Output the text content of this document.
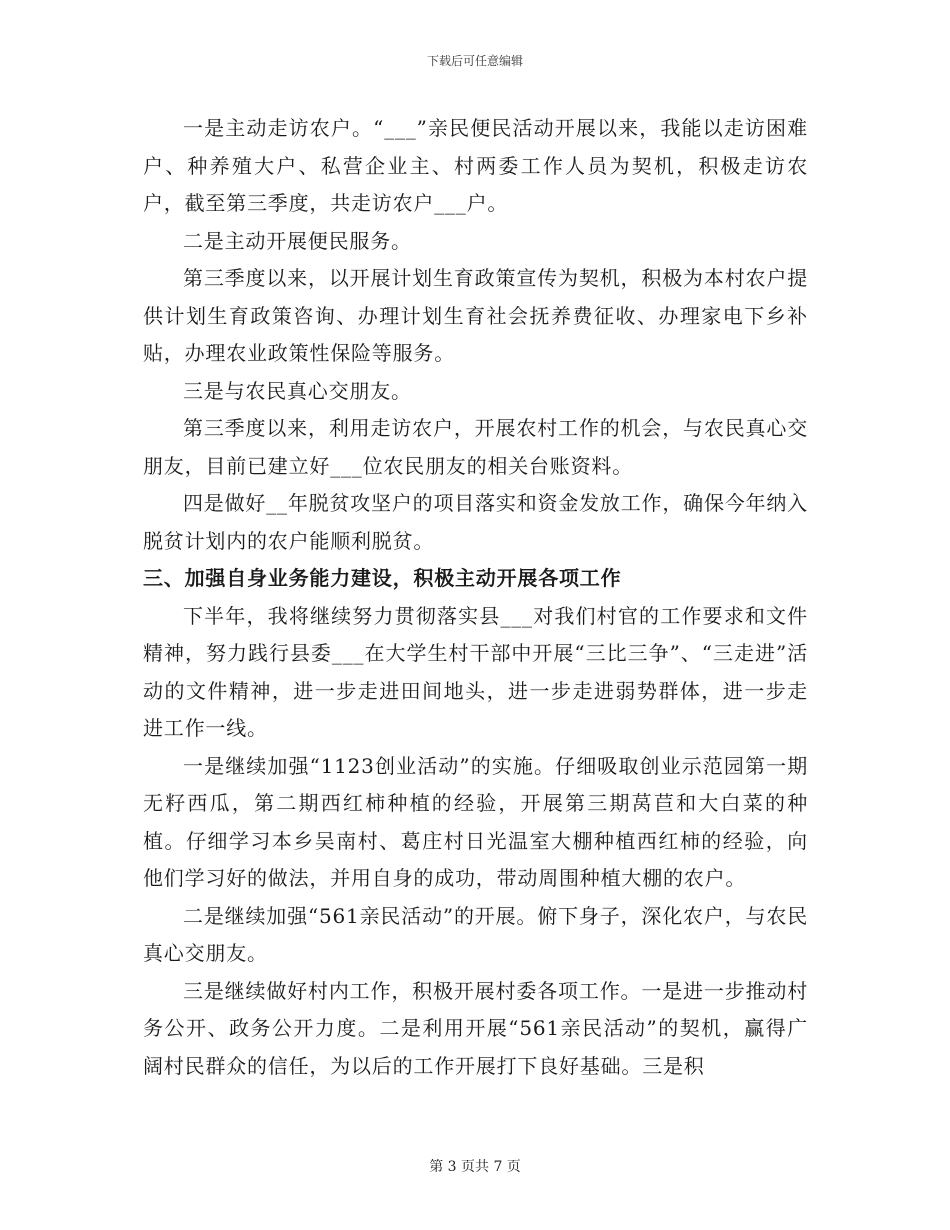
下载后可任意编辑

一是主动走访农户。“___”亲民便民活动开展以来，我能以走访困难户、种养殖大户、私营企业主、村两委工作人员为契机，积极走访农户，截至第三季度，共走访农户___户。

二是主动开展便民服务。

第三季度以来，以开展计划生育政策宣传为契机，积极为本村农户提供计划生育政策咨询、办理计划生育社会抚养费征收、办理家电下乡补贴，办理农业政策性保险等服务。

三是与农民真心交朋友。

第三季度以来，利用走访农户，开展农村工作的机会，与农民真心交朋友，目前已建立好___位农民朋友的相关台账资料。

四是做好__年脱贫攻坚户的项目落实和资金发放工作，确保今年纳入脱贫计划内的农户能顺利脱贫。

三、加强自身业务能力建设，积极主动开展各项工作

下半年，我将继续努力贯彻落实县___对我们村官的工作要求和文件精神，努力践行县委___在大学生村干部中开展“三比三争”、“三走进”活动的文件精神，进一步走进田间地头，进一步走进弱势群体，进一步走进工作一线。

一是继续加强“1123创业活动”的实施。仔细吸取创业示范园第一期无籽西瓜，第二期西红柿种植的经验，开展第三期莴苣和大白菜的种植。仔细学习本乡吴南村、葛庄村日光温室大棚种植西红柿的经验，向他们学习好的做法，并用自身的成功，带动周围种植大棚的农户。

二是继续加强“561亲民活动”的开展。俯下身子，深化农户，与农民真心交朋友。

三是继续做好村内工作，积极开展村委各项工作。一是进一步推动村务公开、政务公开力度。二是利用开展“561亲民活动”的契机，赢得广阔村民群众的信任，为以后的工作开展打下良好基础。三是积

第 3 页共 7 页
